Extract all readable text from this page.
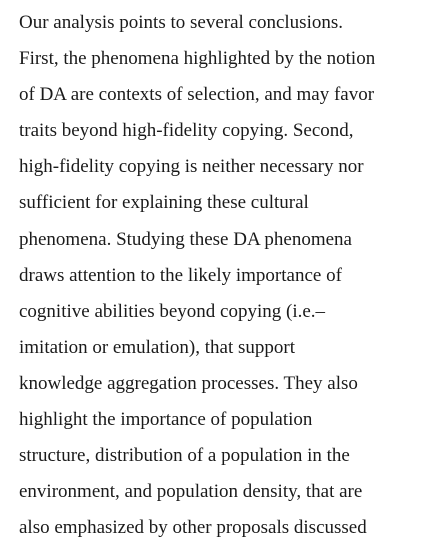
Our analysis points to several conclusions.
First, the phenomena highlighted by the notion
of DA are contexts of selection, and may favor
traits beyond high-fidelity copying. Second,
high-fidelity copying is neither necessary nor
sufficient for explaining these cultural
phenomena. Studying these DA phenomena
draws attention to the likely importance of
cognitive abilities beyond copying (i.e.–
imitation or emulation), that support
knowledge aggregation processes. They also
highlight the importance of population
structure, distribution of a population in the
environment, and population density, that are
also emphasized by other proposals discussed
